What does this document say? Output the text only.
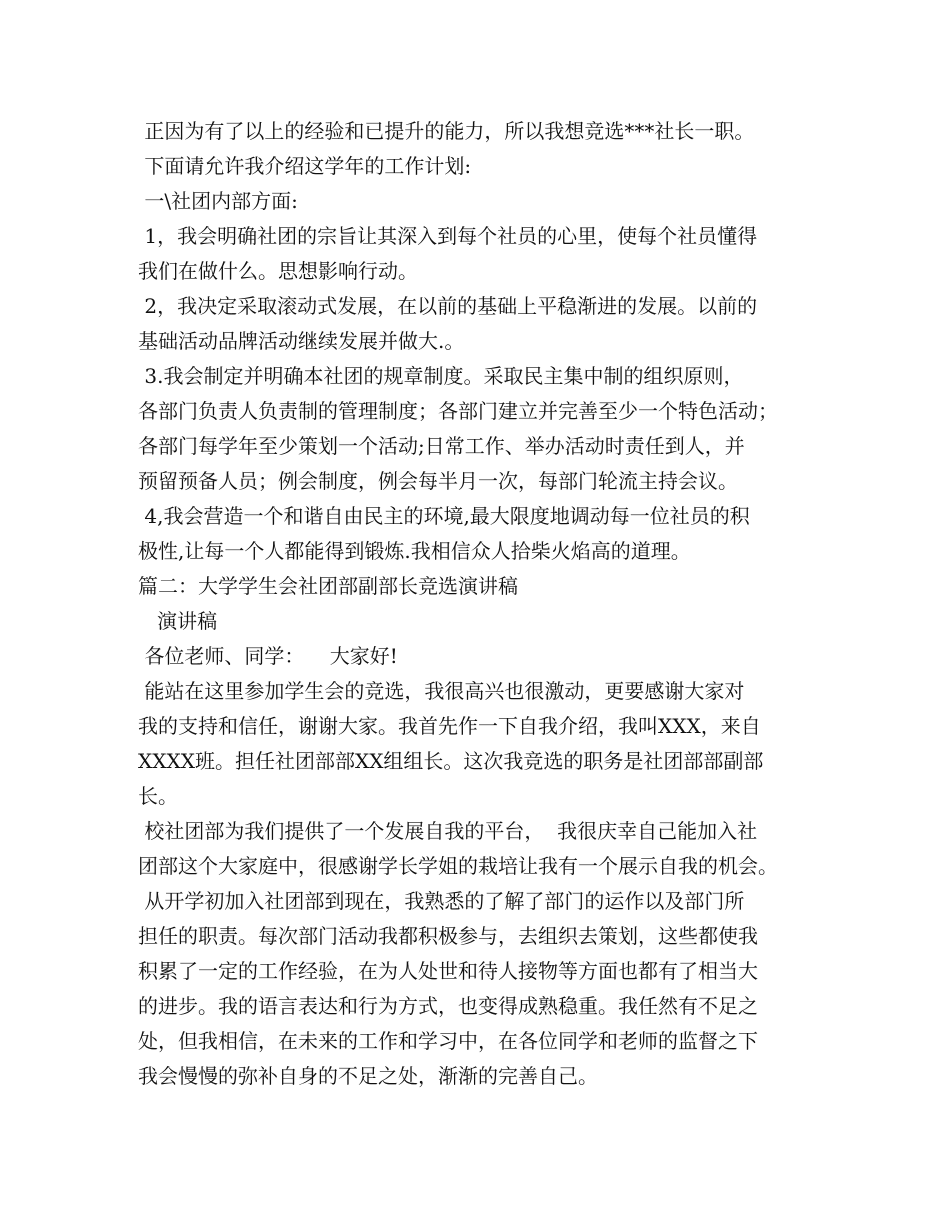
正因为有了以上的经验和已提升的能力，所以我想竞选***社长一职。
下面请允许我介绍这学年的工作计划:
一\社团内部方面:
1，我会明确社团的宗旨让其深入到每个社员的心里，使每个社员懂得
我们在做什么。思想影响行动。
2，我决定采取滚动式发展，在以前的基础上平稳渐进的发展。以前的
基础活动品牌活动继续发展并做大.。
3.我会制定并明确本社团的规章制度。采取民主集中制的组织原则，
各部门负责人负责制的管理制度；各部门建立并完善至少一个特色活动；
各部门每学年至少策划一个活动;日常工作、举办活动时责任到人，并
预留预备人员；例会制度，例会每半月一次，每部门轮流主持会议。
4,我会营造一个和谐自由民主的环境,最大限度地调动每一位社员的积
极性,让每一个人都能得到锻炼.我相信众人拾柴火焰高的道理。
篇二：大学学生会社团部副部长竞选演讲稿
演讲稿
各位老师、同学：    大家好!
能站在这里参加学生会的竞选，我很高兴也很激动，更要感谢大家对
我的支持和信任，谢谢大家。我首先作一下自我介绍，我叫XXX，来自
XXXX班。担任社团部部XX组组长。这次我竞选的职务是社团部部副部
长。
校社团部为我们提供了一个发展自我的平台，  我很庆幸自己能加入社
团部这个大家庭中，很感谢学长学姐的栽培让我有一个展示自我的机会。
从开学初加入社团部到现在，我熟悉的了解了部门的运作以及部门所
担任的职责。每次部门活动我都积极参与，去组织去策划，这些都使我
积累了一定的工作经验，在为人处世和待人接物等方面也都有了相当大
的进步。我的语言表达和行为方式，也变得成熟稳重。我任然有不足之
处，但我相信，在未来的工作和学习中，在各位同学和老师的监督之下
我会慢慢的弥补自身的不足之处，渐渐的完善自己。
